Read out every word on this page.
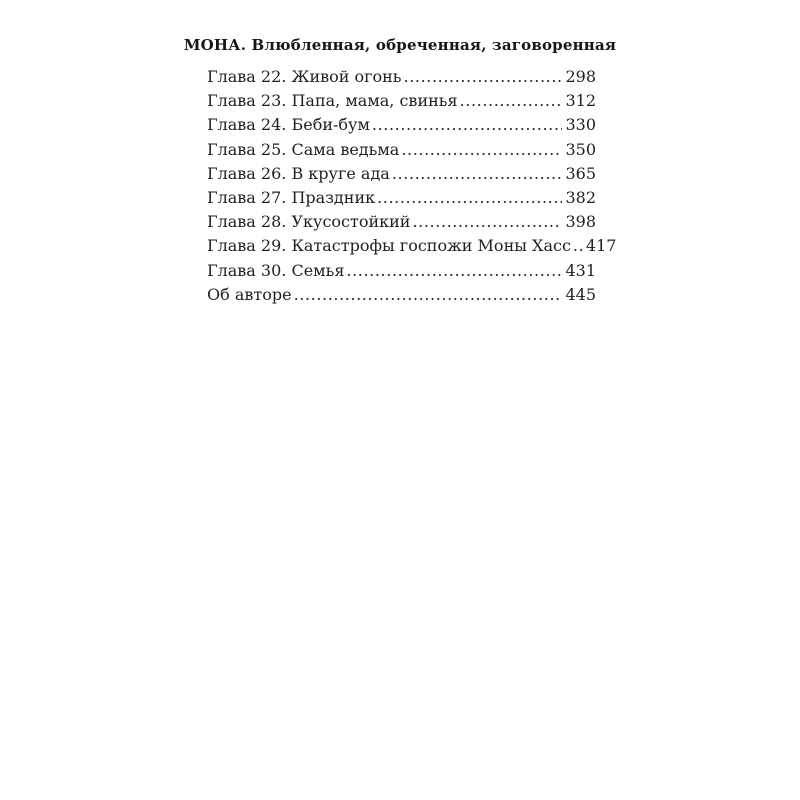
МОНА. Влюбленная, обреченная, заговоренная
Глава 22. Живой огонь .....	298
Глава 23. Папа, мама, свинья .....	312
Глава 24. Беби-бум .....	330
Глава 25. Сама ведьма .....	350
Глава 26. В круге ада .....	365
Глава 27. Праздник .....	382
Глава 28. Укусостойкий .....	398
Глава 29. Катастрофы госпожи Моны Хасс ..... 417
Глава 30. Семья .....	431
Об авторе .....	445
